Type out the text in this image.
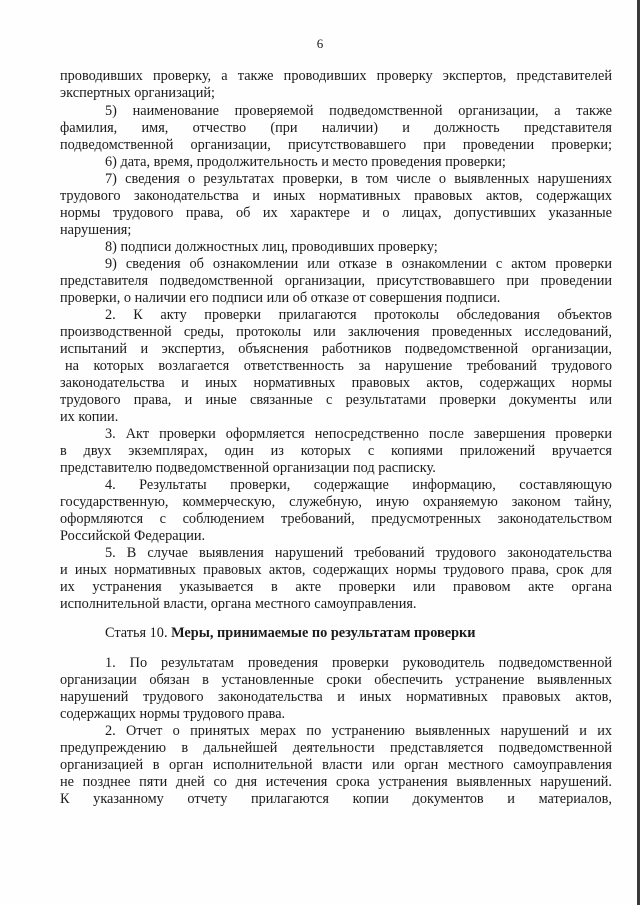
6
проводивших проверку, а также проводивших проверку экспертов, представителей
экспертных организаций;
5) наименование проверяемой подведомственной организации, а также
фамилия, имя, отчество (при наличии) и должность представителя
подведомственной организации, присутствовавшего при проведении проверки;
6) дата, время, продолжительность и место проведения проверки;
7) сведения о результатах проверки, в том числе о выявленных нарушениях
трудового законодательства и иных нормативных правовых актов, содержащих
нормы трудового права, об их характере и о лицах, допустивших указанные
нарушения;
8) подписи должностных лиц, проводивших проверку;
9) сведения об ознакомлении или отказе в ознакомлении с актом проверки
представителя подведомственной организации, присутствовавшего при проведении
проверки, о наличии его подписи или об отказе от совершения подписи.
2. К акту проверки прилагаются протоколы обследования объектов
производственной среды, протоколы или заключения проведенных исследований,
испытаний и экспертиз, объяснения работников подведомственной организации,
на которых возлагается ответственность за нарушение требований трудового
законодательства и иных нормативных правовых актов, содержащих нормы
трудового права, и иные связанные с результатами проверки документы или
их копии.
3. Акт проверки оформляется непосредственно после завершения проверки
в двух экземплярах, один из которых с копиями приложений вручается
представителю подведомственной организации под расписку.
4. Результаты проверки, содержащие информацию, составляющую
государственную, коммерческую, служебную, иную охраняемую законом тайну,
оформляются с соблюдением требований, предусмотренных законодательством
Российской Федерации.
5. В случае выявления нарушений требований трудового законодательства
и иных нормативных правовых актов, содержащих нормы трудового права, срок для
их устранения указывается в акте проверки или правовом акте органа
исполнительной власти, органа местного самоуправления.
Статья 10. Меры, принимаемые по результатам проверки
1. По результатам проведения проверки руководитель подведомственной
организации обязан в установленные сроки обеспечить устранение выявленных
нарушений трудового законодательства и иных нормативных правовых актов,
содержащих нормы трудового права.
2. Отчет о принятых мерах по устранению выявленных нарушений и их
предупреждению в дальнейшей деятельности представляется подведомственной
организацией в орган исполнительной власти или орган местного самоуправления
не позднее пяти дней со дня истечения срока устранения выявленных нарушений.
К указанному отчету прилагаются копии документов и материалов,
